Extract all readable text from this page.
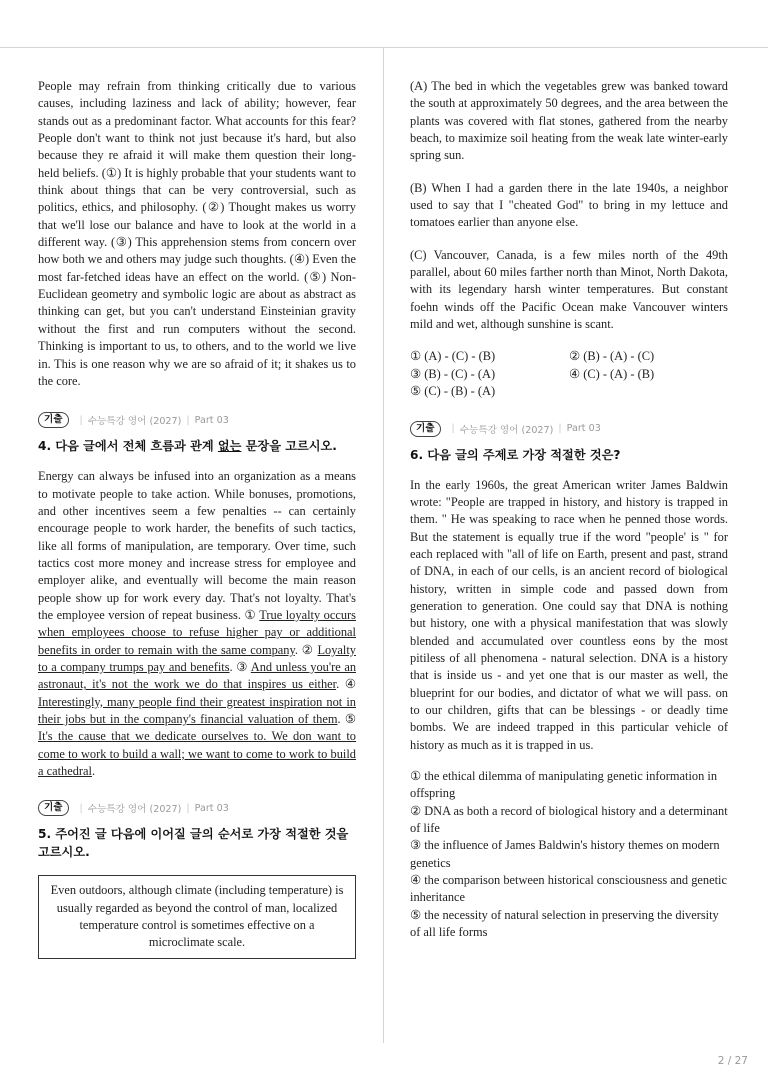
People may refrain from thinking critically due to various causes, including laziness and lack of ability; however, fear stands out as a predominant factor. What accounts for this fear? People don't want to think not just because it's hard, but also because they re afraid it will make them question their long-held beliefs. (①) It is highly probable that your students want to think about things that can be very controversial, such as politics, ethics, and philosophy. (②) Thought makes us worry that we'll lose our balance and have to look at the world in a different way. (③) This apprehension stems from concern over how both we and others may judge such thoughts. (④) Even the most far-fetched ideas have an effect on the world. (⑤) Non-Euclidean geometry and symbolic logic are about as abstract as thinking can get, but you can't understand Einsteinian gravity without the first and run computers without the second. Thinking is important to us, to others, and to the world we live in. This is one reason why we are so afraid of it; it shakes us to the core.

기출	| 수능특강 영어 (2027) | Part 03

4. 다음 글에서 전체 흐름과 관계 없는 문장을 고르시오.

Energy can always be infused into an organization as a means to motivate people to take action. While bonuses, promotions, and other incentives seem a few penalties -- can certainly encourage people to work harder, the benefits of such tactics, like all forms of manipulation, are temporary. Over time, such tactics cost more money and increase stress for employee and employer alike, and eventually will become the main reason people show up for work every day. That's not loyalty. That's the employee version of repeat business. ① True loyalty occurs when employees choose to refuse higher pay or additional benefits in order to remain with the same company. ② Loyalty to a company trumps pay and benefits. ③ And unless you're an astronaut, it's not the work we do that inspires us either. ④ Interestingly, many people find their greatest inspiration not in their jobs but in the company's financial valuation of them. ⑤ It's the cause that we dedicate ourselves to. We don want to come to work to build a wall; we want to come to work to build a cathedral.

기출	| 수능특강 영어 (2027) | Part 03

5. 주어진 글 다음에 이어질 글의 순서로 가장 적절한 것을 고르시오.

Even outdoors, although climate (including temperature) is usually regarded as beyond the control of man, localized temperature control is sometimes effective on a microclimate scale.

(A) The bed in which the vegetables grew was banked toward the south at approximately 50 degrees, and the area between the plants was covered with flat stones, gathered from the nearby beach, to maximize soil heating from the weak late winter-early spring sun.

(B) When I had a garden there in the late 1940s, a neighbor used to say that I "cheated God" to bring in my lettuce and tomatoes earlier than anyone else.

(C) Vancouver, Canada, is a few miles north of the 49th parallel, about 60 miles farther north than Minot, North Dakota, with its legendary harsh winter temperatures. But constant foehn winds off the Pacific Ocean make Vancouver winters mild and wet, although sunshine is scant.

① (A) - (C) - (B)	② (B) - (A) - (C)
③ (B) - (C) - (A)	④ (C) - (A) - (B)
⑤ (C) - (B) - (A)
기출	| 수능특강 영어 (2027) | Part 03

6. 다음 글의 주제로 가장 적절한 것은?

In the early 1960s, the great American writer James Baldwin wrote: "People are trapped in history, and history is trapped in them. " He was speaking to race when he penned those words. But the statement is equally true if the word "people' is " for each replaced with "all of life on Earth, present and past, strand of DNA, in each of our cells, is an ancient record of biological history, written in simple code and passed down from generation to generation. One could say that DNA is nothing but history, one with a physical manifestation that was slowly blended and accumulated over countless eons by the most pitiless of all phenomena - natural selection. DNA is a history that is inside us - and yet one that is our master as well, the blueprint for our bodies, and dictator of what we will pass. on to our children, gifts that can be blessings - or deadly time bombs. We are indeed trapped in this particular vehicle of history as much as it is trapped in us.

① the ethical dilemma of manipulating genetic information in offspring

② DNA as both a record of biological history and a determinant of life

③ the influence of James Baldwin's history themes on modern genetics

④ the comparison between historical consciousness and genetic inheritance

⑤ the necessity of natural selection in preserving the diversity of all life forms

2 / 27
